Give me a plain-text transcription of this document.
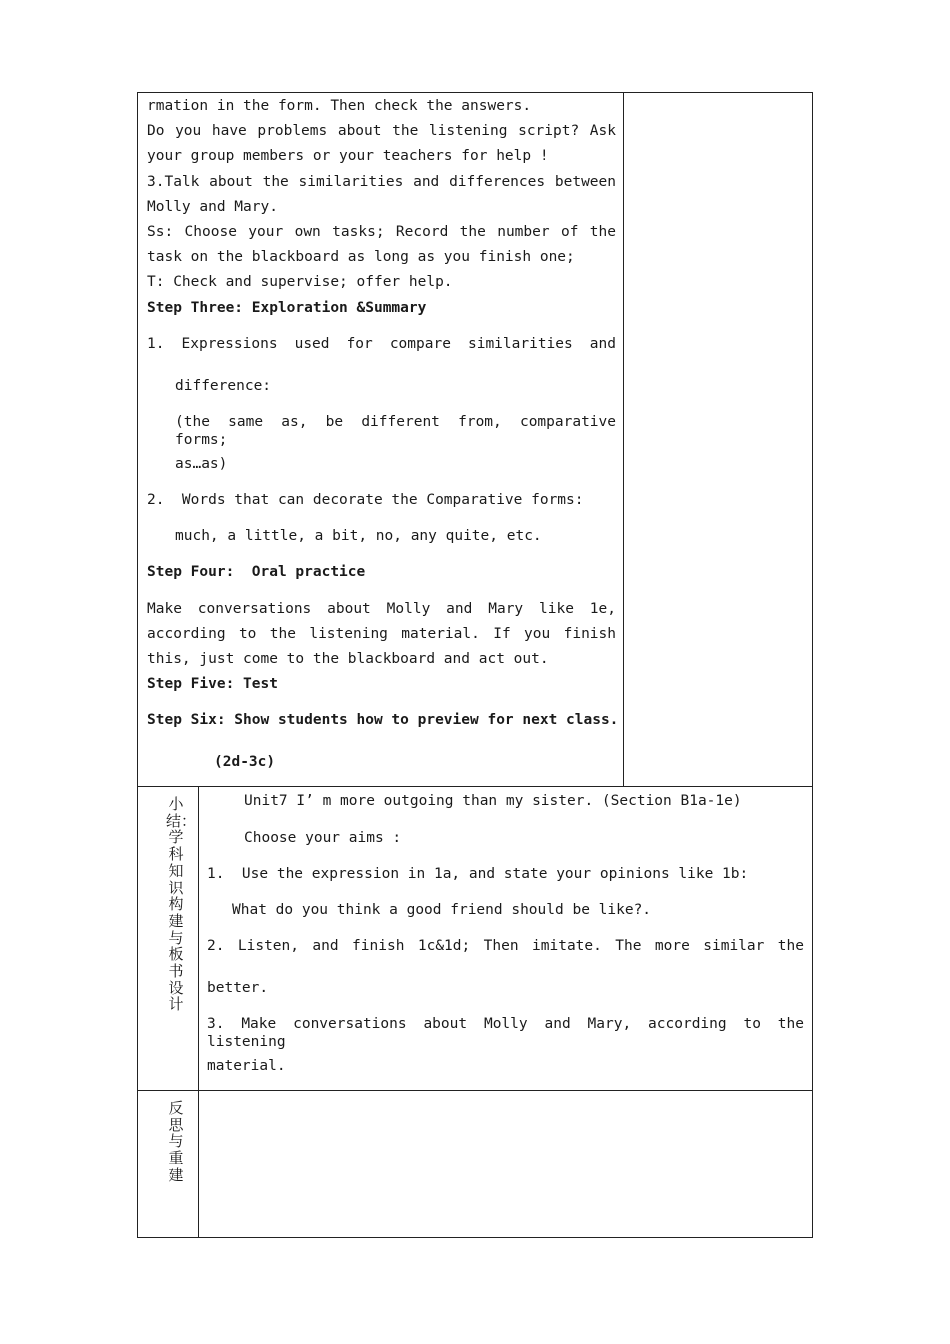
rmation in the form. Then check the answers.
Do you have problems about the listening script? Ask
your group members or your teachers for help !
3.Talk about the similarities and differences between
Molly and Mary.
Ss: Choose your own tasks; Record the number of the
task on the blackboard as long as you finish one;
T: Check and supervise; offer help.
Step Three: Exploration &Summary
1. Expressions used for compare similarities and
difference:
(the same as, be different from, comparative forms;
as…as)
2.  Words that can decorate the Comparative forms:
much, a little, a bit, no, any quite, etc.
Step Four:  Oral practice
Make conversations about Molly and Mary like 1e,
according to the listening material. If you finish
this, just come to the blackboard and act out.
Step Five: Test
Step Six: Show students how to preview for next class.
(2d-3c)
小结：学科知识构建与板书设计
Unit7 I’ m more outgoing than my sister. (Section B1a-1e)
Choose your aims :
1.  Use the expression in 1a, and state your opinions like 1b:
What do you think a good friend should be like?.
2. Listen, and finish 1c&1d; Then imitate. The more similar the
better.
3. Make conversations about Molly and Mary, according to the listening
material.
反思与重建
